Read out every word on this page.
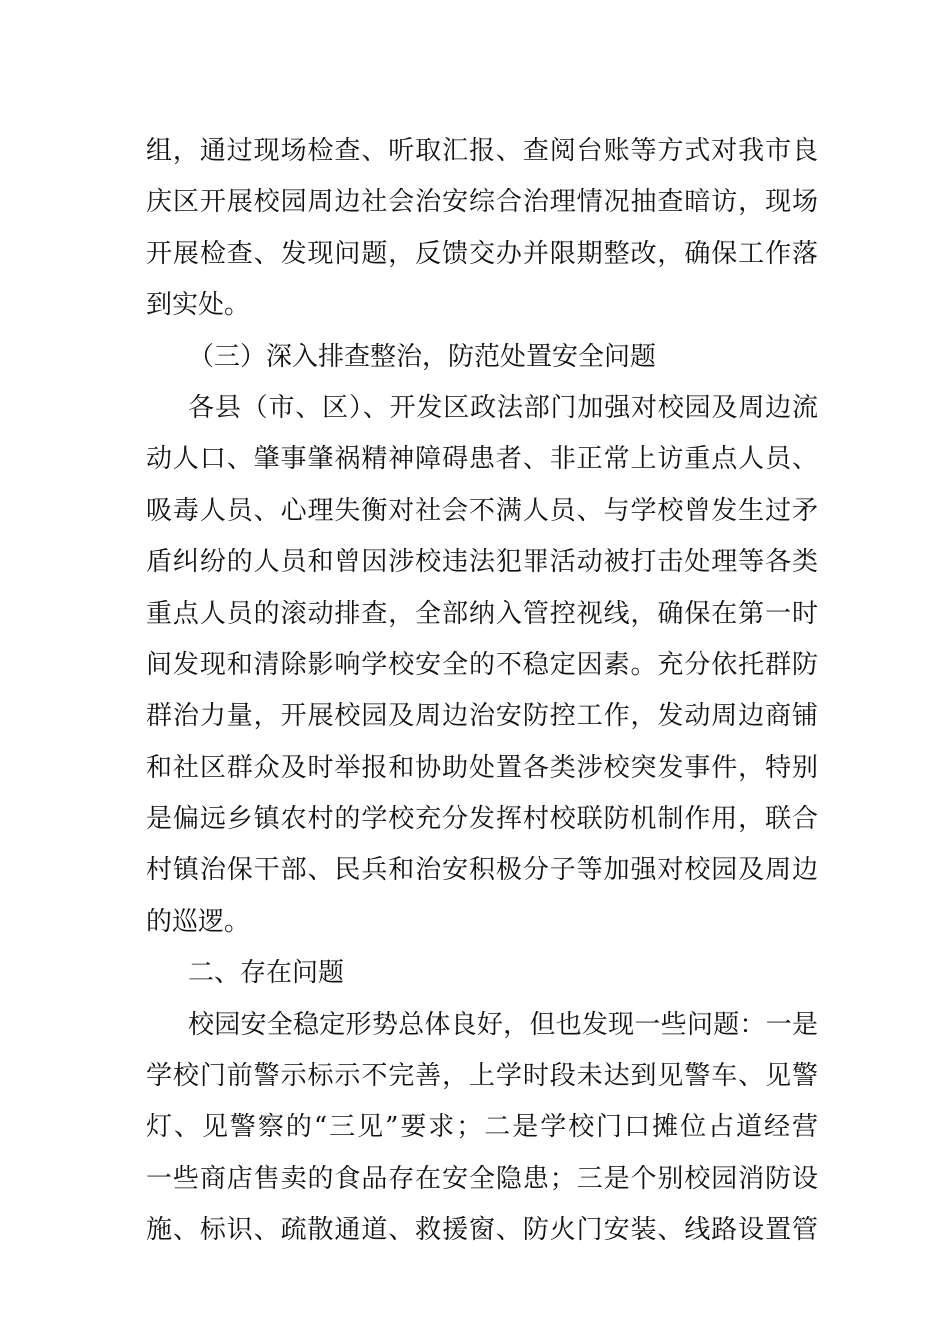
组，通过现场检查、听取汇报、查阅台账等方式对我市良
庆区开展校园周边社会治安综合治理情况抽查暗访，现场
开展检查、发现问题，反馈交办并限期整改，确保工作落
到实处。
（三）深入排查整治，防范处置安全问题
各县（市、区）、开发区政法部门加强对校园及周边流
动人口、肇事肇祸精神障碍患者、非正常上访重点人员、
吸毒人员、心理失衡对社会不满人员、与学校曾发生过矛
盾纠纷的人员和曾因涉校违法犯罪活动被打击处理等各类
重点人员的滚动排查，全部纳入管控视线，确保在第一时
间发现和清除影响学校安全的不稳定因素。充分依托群防
群治力量，开展校园及周边治安防控工作，发动周边商铺
和社区群众及时举报和协助处置各类涉校突发事件，特别
是偏远乡镇农村的学校充分发挥村校联防机制作用，联合
村镇治保干部、民兵和治安积极分子等加强对校园及周边
的巡逻。
二、存在问题
校园安全稳定形势总体良好，但也发现一些问题：一是
学校门前警示标示不完善，上学时段未达到见警车、见警
灯、见警察的“三见”要求；二是学校门口摊位占道经营
一些商店售卖的食品存在安全隐患；三是个别校园消防设
施、标识、疏散通道、救援窗、防火门安装、线路设置管
